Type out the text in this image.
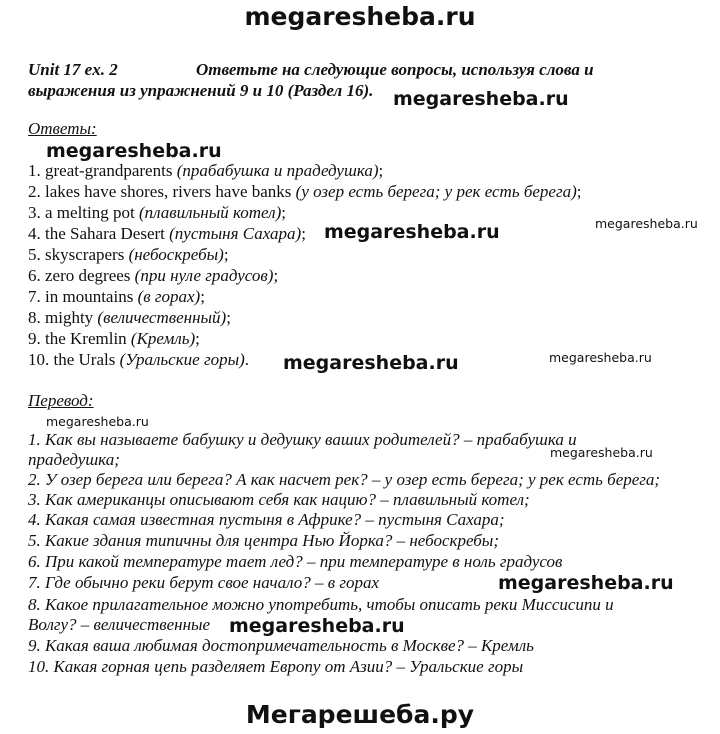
megaresheba.ru
Мегарешеба.ру
Unit 17 ex. 2	Ответьте на следующие вопросы, используя слова и
выражения из упражнений 9 и 10 (Раздел 16).
Ответы:
1. great-grandparents (прабабушка и прадедушка);
2. lakes have shores, rivers have banks (у озер есть берега; у рек есть берега);
3. a melting pot (плавильный котел);
4. the Sahara Desert (пустыня Сахара);
5. skyscrapers (небоскребы);
6. zero degrees (при нуле градусов);
7. in mountains (в горах);
8. mighty (величественный);
9. the Kremlin (Кремль);
10. the Urals (Уральские горы).
Перевод:
1. Как вы называете бабушку и дедушку ваших родителей? – прабабушка и
прадедушка;
2. У озер берега или берега? А как насчет рек? – у озер есть берега; у рек есть берега;
3. Как американцы описывают себя как нацию? – плавильный котел;
4. Какая самая известная пустыня в Африке? – пустыня Сахара;
5. Какие здания типичны для центра Нью Йорка? – небоскребы;
6. При какой температуре тает лед? – при температуре в ноль градусов
7. Где обычно реки берут свое начало? – в горах
8. Какое прилагательное можно употребить, чтобы описать реки Миссисипи и
Волгу? – величественные
9. Какая ваша любимая достопримечательность в Москве? – Кремль
10. Какая горная цепь разделяет Европу от Азии? – Уральские горы
megaresheba.ru
megaresheba.ru
megaresheba.ru	megaresheba.ru
megaresheba.ru	megaresheba.ru
megaresheba.ru
megaresheba.ru
megaresheba.ru
megaresheba.ru
